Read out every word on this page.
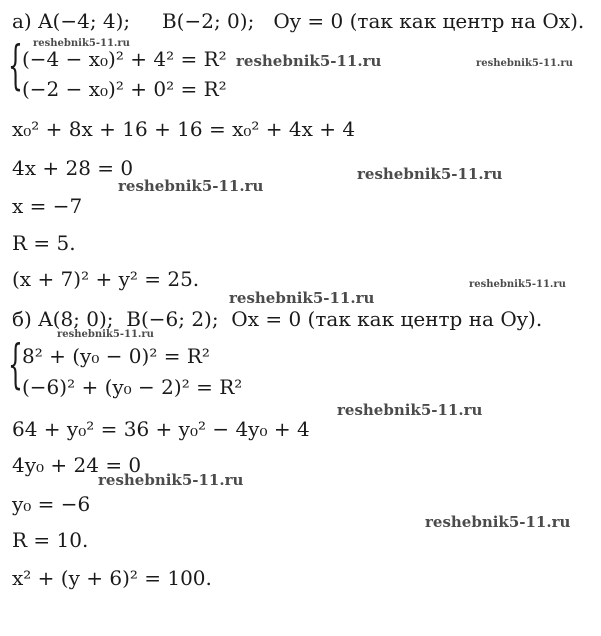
а) A(−4; 4);     B(−2; 0);   Oy = 0 (так как центр на Ox).
{ (−4 − x₀)² + 4² = R²
(−2 − x₀)² + 0² = R²
x₀² + 8x + 16 + 16 = x₀² + 4x + 4
4x + 28 = 0
x = −7
R = 5.
(x + 7)² + y² = 25.
б) A(8; 0);  B(−6; 2);  Ox = 0 (так как центр на Oy).
{ 8² + (y₀ − 0)² = R²
(−6)² + (y₀ − 2)² = R²
64 + y₀² = 36 + y₀² − 4y₀ + 4
4y₀ + 24 = 0
y₀ = −6
R = 10.
x² + (y + 6)² = 100.
reshebnik5-11.ru
reshebnik5-11.ru	reshebnik5-11.ru
reshebnik5-11.ru
reshebnik5-11.ru
reshebnik5-11.ru
reshebnik5-11.ru
reshebnik5-11.ru
reshebnik5-11.ru
reshebnik5-11.ru
reshebnik5-11.ru
